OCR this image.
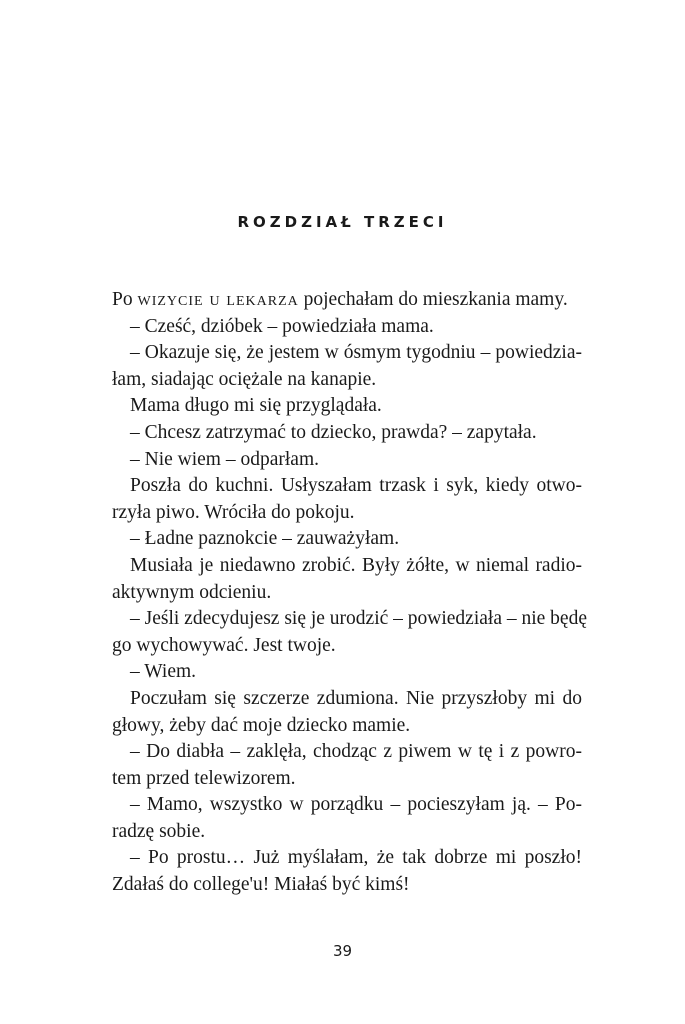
ROZDZIAŁ TRZECI
Po wizycie u lekarza pojechałam do mieszkania mamy.
– Cześć, dzióbek – powiedziała mama.
– Okazuje się, że jestem w ósmym tygodniu – powiedzia-
łam, siadając ociężale na kanapie.
Mama długo mi się przyglądała.
– Chcesz zatrzymać to dziecko, prawda? – zapytała.
– Nie wiem – odparłam.
Poszła do kuchni. Usłyszałam trzask i syk, kiedy otwo-
rzyła piwo. Wróciła do pokoju.
– Ładne paznokcie – zauważyłam.
Musiała je niedawno zrobić. Były żółte, w niemal radio-
aktywnym odcieniu.
– Jeśli zdecydujesz się je urodzić – powiedziała – nie będę
go wychowywać. Jest twoje.
– Wiem.
Poczułam się szczerze zdumiona. Nie przyszłoby mi do
głowy, żeby dać moje dziecko mamie.
– Do diabła – zaklęła, chodząc z piwem w tę i z powro-
tem przed telewizorem.
– Mamo, wszystko w porządku – pocieszyłam ją. – Po-
radzę sobie.
– Po prostu… Już myślałam, że tak dobrze mi poszło!
Zdałaś do college'u! Miałaś być kimś!
39
